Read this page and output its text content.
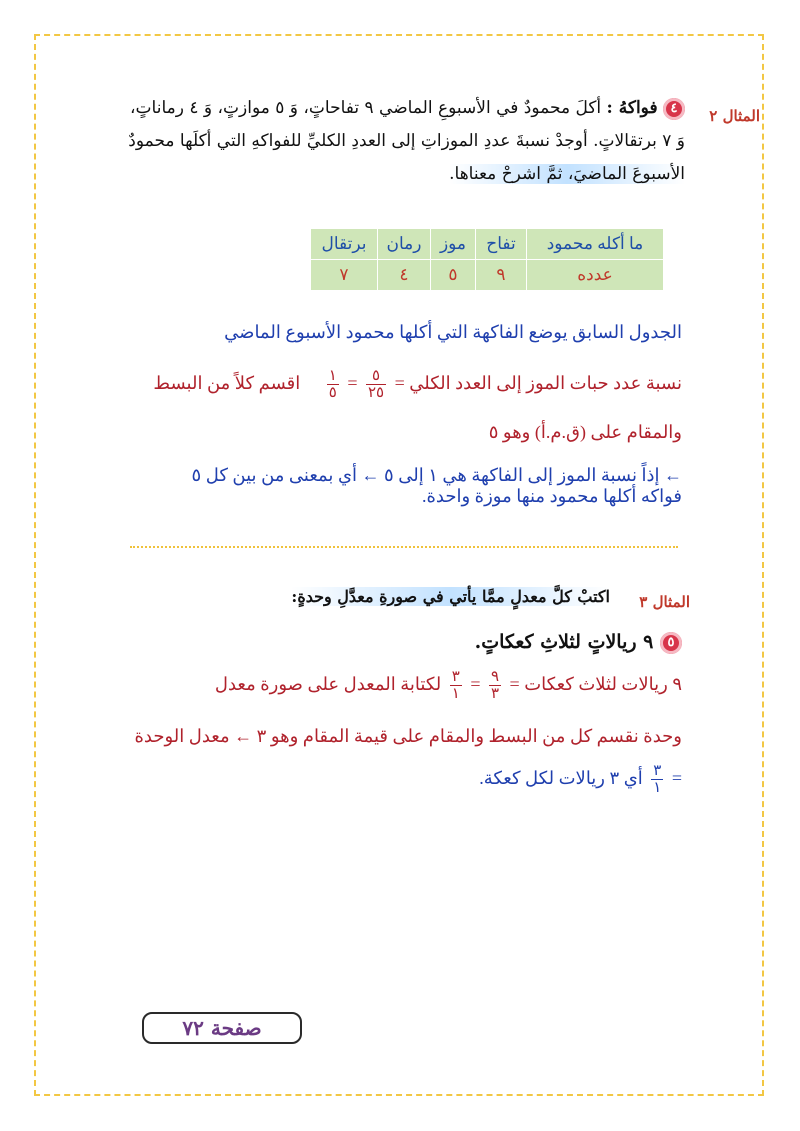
المثال ٢
٤ فواكهُ : أكلَ محمودٌ في الأسبوعِ الماضي ٩ تفاحاتٍ، وَ ٥ موازتٍ، وَ ٤ رماناتٍ،
وَ ٧ برتقالاتٍ. أوجدْ نسبةَ عددِ الموزاتِ إلى العددِ الكليِّ للفواكهِ التي أكلَها محمودٌ
الأسبوعَ الماضيَ، ثمَّ اشرحْ معناها.
ما أكله محمود	تفاح	موز	رمان	برتقال
عدده	٩	٥	٤	٧
الجدول السابق يوضع الفاكهة التي أكلها محمود الأسبوع الماضي
نسبة عدد حبات الموز إلى العدد الكلي =
$\frac{٥}{٢٥}$
=
$\frac{١}{٥}$
اقسم كلاً من البسط
والمقام على (ق.م.أ) وهو ٥
← إذاً نسبة الموز إلى الفاكهة هي ١ إلى ٥ ← أي بمعنى من بين كل ٥
فواكه أكلها محمود منها موزة واحدة.
المثال ٣
اكتبْ كلَّ معدلٍ ممَّا يأتي في صورةِ معدَّلِ وحدةٍ:
٥ ٩ ريالاتٍ لثلاثِ كعكاتٍ.
٩ ريالات لثلاث كعكات =
$\frac{٩}{٣}$
=
$\frac{٣}{١}$
لكتابة المعدل على صورة معدل
وحدة نقسم كل من البسط والمقام على قيمة المقام وهو ٣ ← معدل الوحدة
=
$\frac{٣}{١}$
أي ٣ ريالات لكل كعكة.
صفحة ٧٢
